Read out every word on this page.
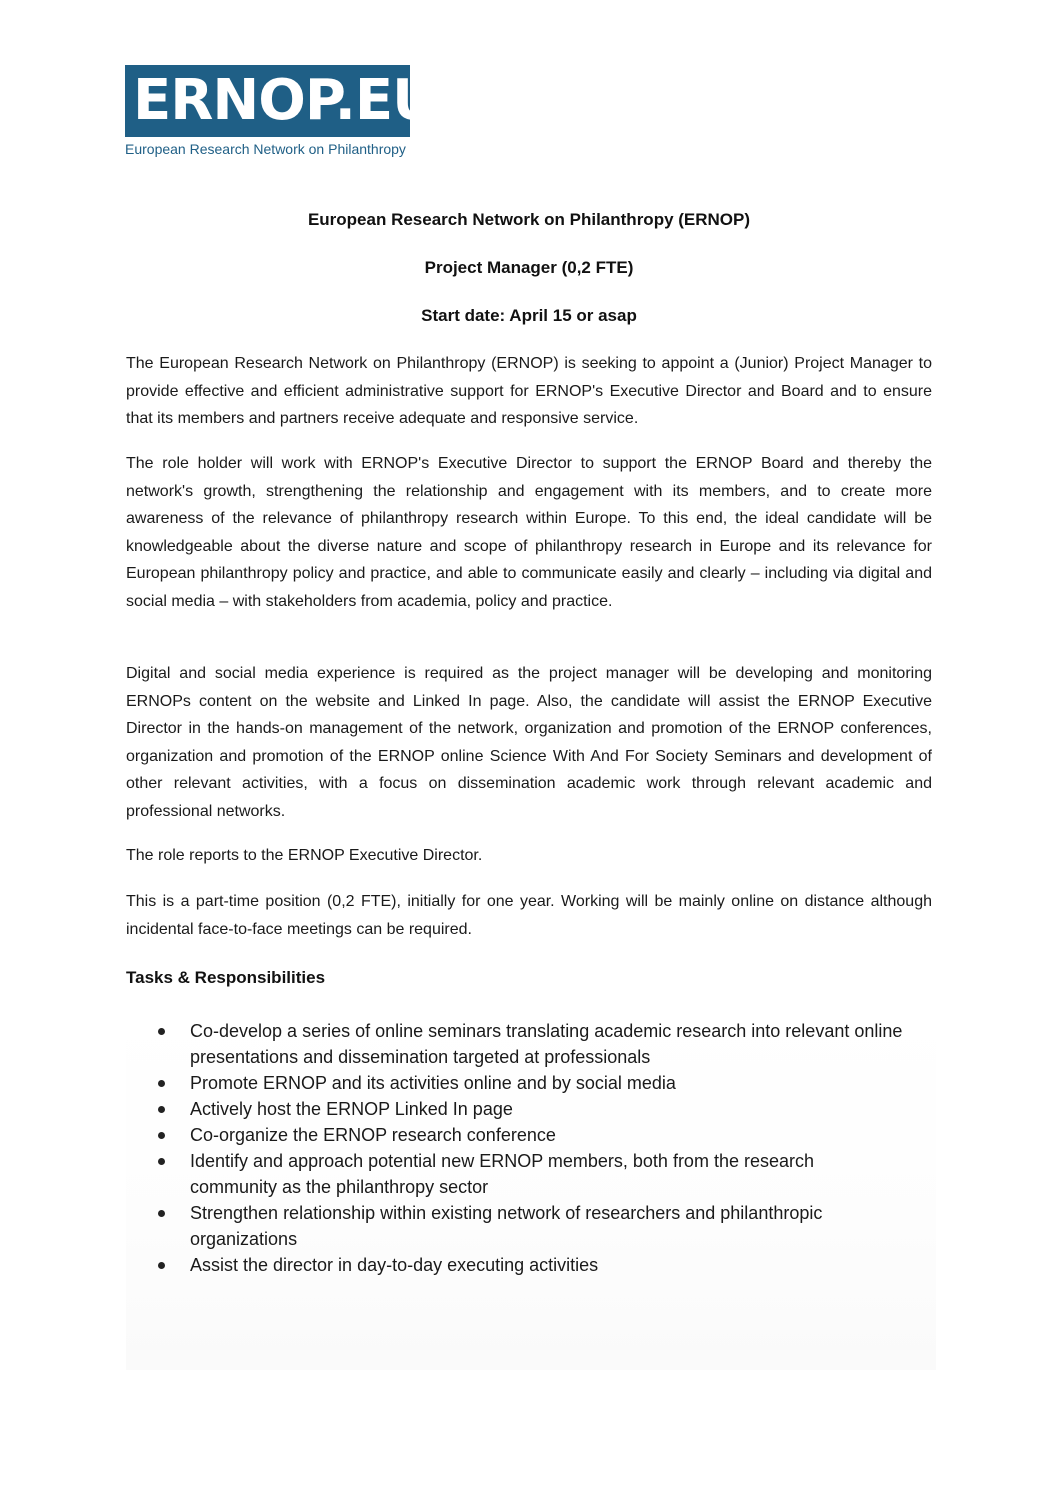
ERNOP.EU
European Research Network on Philanthropy
European Research Network on Philanthropy (ERNOP)
Project Manager (0,2 FTE)
Start date: April 15 or asap
The European Research Network on Philanthropy (ERNOP) is seeking to appoint a (Junior) Project Manager to provide effective and efficient administrative support for ERNOP's Executive Director and Board and to ensure that its members and partners receive adequate and responsive service.
The role holder will work with ERNOP's Executive Director to support the ERNOP Board and thereby the network's growth, strengthening the relationship and engagement with its members, and to create more awareness of the relevance of philanthropy research within Europe. To this end, the ideal candidate will be knowledgeable about the diverse nature and scope of philanthropy research in Europe and its relevance for European philanthropy policy and practice, and able to communicate easily and clearly – including via digital and social media – with stakeholders from academia, policy and practice.
Digital and social media experience is required as the project manager will be developing and monitoring ERNOPs content on the website and Linked In page. Also, the candidate will assist the ERNOP Executive Director in the hands-on management of the network, organization and promotion of the ERNOP conferences, organization and promotion of the ERNOP online Science With And For Society Seminars and development of other relevant activities, with a focus on dissemination academic work through relevant academic and professional networks.
The role reports to the ERNOP Executive Director.
This is a part-time position (0,2 FTE), initially for one year. Working will be mainly online on distance although incidental face-to-face meetings can be required.
Tasks & Responsibilities
Co-develop a series of online seminars translating academic research into relevant online presentations and dissemination targeted at professionals
Promote ERNOP and its activities online and by social media
Actively host the ERNOP Linked In page
Co-organize the ERNOP research conference
Identify and approach potential new ERNOP members, both from the research community as the philanthropy sector
Strengthen relationship within existing network of researchers and philanthropic organizations
Assist the director in day-to-day executing activities
